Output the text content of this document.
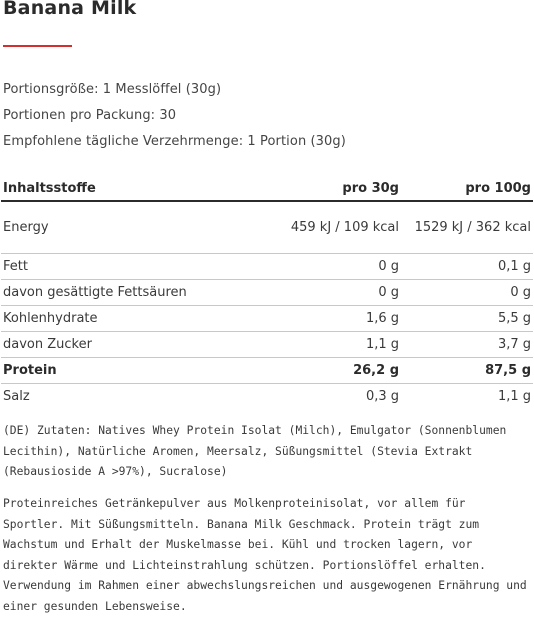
Banana Milk
Portionsgröße: 1 Messlöffel (30g)
Portionen pro Packung: 30
Empfohlene tägliche Verzehrmenge: 1 Portion (30g)
Inhaltsstoffe	pro 30g	pro 100g
Energy	459 kJ / 109 kcal	1529 kJ / 362 kcal
Fett	0 g	0,1 g
davon gesättigte Fettsäuren	0 g	0 g
Kohlenhydrate	1,6 g	5,5 g
davon Zucker	1,1 g	3,7 g
Protein	26,2 g	87,5 g
Salz	0,3 g	1,1 g
(DE) Zutaten: Natives Whey Protein Isolat (Milch), Emulgator (Sonnenblumen Lecithin), Natürliche Aromen, Meersalz, Süßungsmittel (Stevia Extrakt (Rebausioside A >97%), Sucralose)
Proteinreiches Getränkepulver aus Molkenproteinisolat, vor allem für Sportler. Mit Süßungsmitteln. Banana Milk Geschmack. Protein trägt zum Wachstum und Erhalt der Muskelmasse bei. Kühl und trocken lagern, vor direkter Wärme und Lichteinstrahlung schützen. Portionslöffel erhalten. Verwendung im Rahmen einer abwechslungsreichen und ausgewogenen Ernährung und einer gesunden Lebensweise.
